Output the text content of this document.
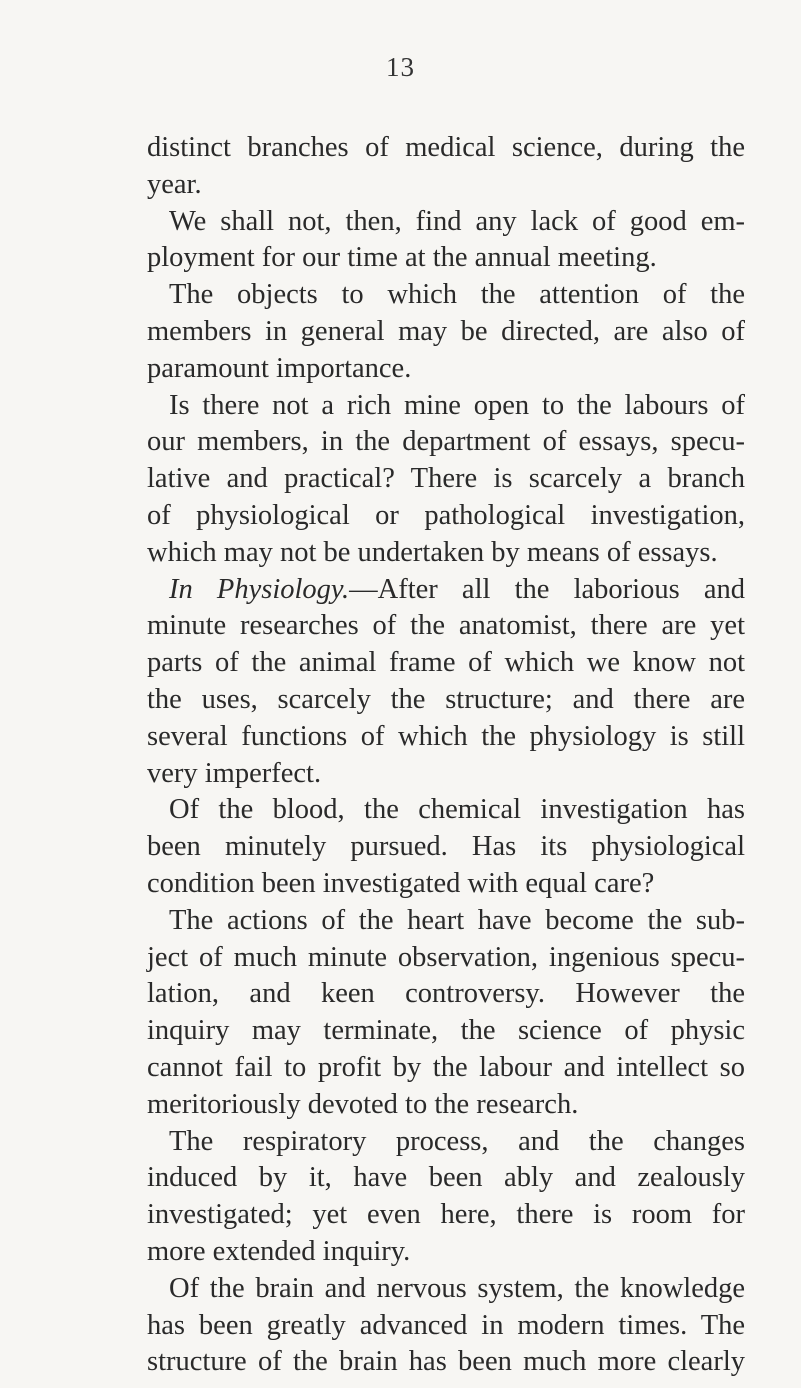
13
distinct branches of medical science, during the
year.
We shall not, then, find any lack of good em-
ployment for our time at the annual meeting.
The objects to which the attention of the
members in general may be directed, are also of
paramount importance.
Is there not a rich mine open to the labours of
our members, in the department of essays, specu-
lative and practical? There is scarcely a branch
of physiological or pathological investigation,
which may not be undertaken by means of essays.
In Physiology.—After all the laborious and
minute researches of the anatomist, there are yet
parts of the animal frame of which we know not
the uses, scarcely the structure; and there are
several functions of which the physiology is still
very imperfect.
Of the blood, the chemical investigation has
been minutely pursued. Has its physiological
condition been investigated with equal care?
The actions of the heart have become the sub-
ject of much minute observation, ingenious specu-
lation, and keen controversy. However the
inquiry may terminate, the science of physic
cannot fail to profit by the labour and intellect so
meritoriously devoted to the research.
The respiratory process, and the changes
induced by it, have been ably and zealously
investigated; yet even here, there is room for
more extended inquiry.
Of the brain and nervous system, the knowledge
has been greatly advanced in modern times. The
structure of the brain has been much more clearly
